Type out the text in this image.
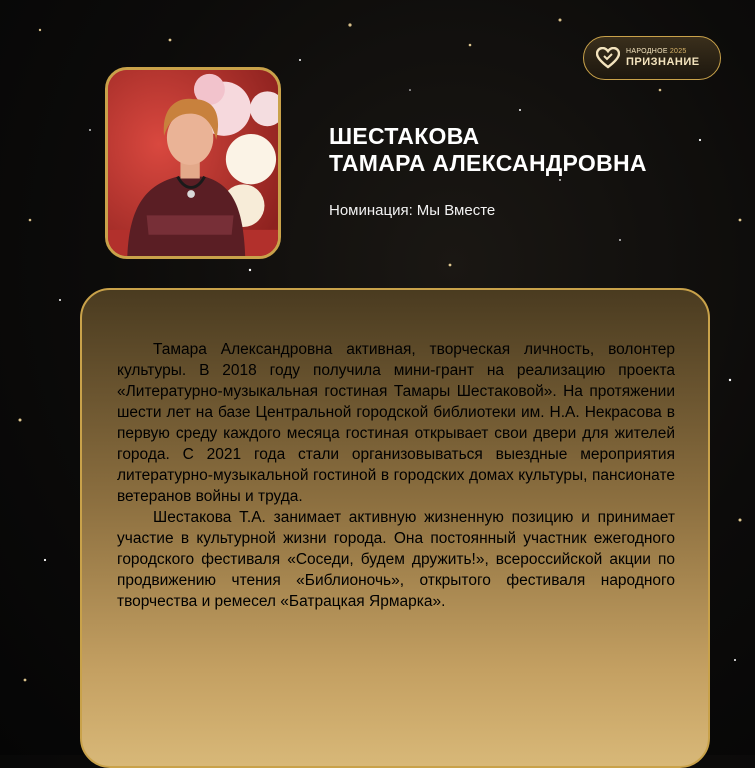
НАРОДНОЕ 2025
ПРИЗНАНИЕ
ШЕСТАКОВА
ТАМАРА АЛЕКСАНДРОВНА
Номинация: Мы Вместе

Тамара Александровна активная, творческая личность, волонтер культуры. В 2018 году получила мини-грант на реализацию проекта «Литературно-музыкальная гостиная Тамары Шестаковой». На протяжении шести лет на базе Центральной городской библиотеки им. Н.А. Некрасова в первую среду каждого месяца гостиная открывает свои двери для жителей города. С 2021 года стали организовываться выездные мероприятия литературно-музыкальной гостиной в городских домах культуры, пансионате ветеранов войны и труда.

Шестакова Т.А. занимает активную жизненную позицию и принимает участие в культурной жизни города. Она постоянный участник ежегодного городского фестиваля «Соседи, будем дружить!», всероссийской акции по продвижению чтения «Библионочь», открытого фестиваля народного творчества и ремесел «Батрацкая Ярмарка».
